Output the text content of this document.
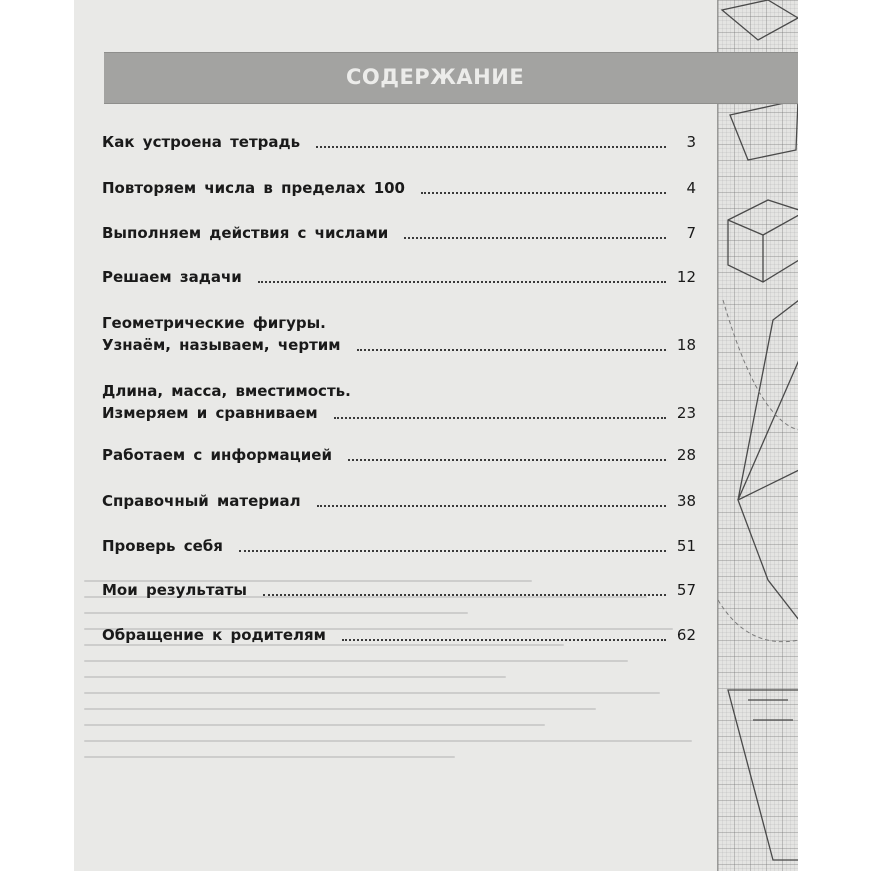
СОДЕРЖАНИЕ
Как устроена тетрадь	3
Повторяем числа в пределах 100	4
Выполняем действия с числами	7
Решаем задачи	12
Геометрические фигуры.
Узнаём, называем, чертим	18
Длина, масса, вместимость.
Измеряем и сравниваем	23
Работаем с информацией	28
Справочный материал	38
Проверь себя	51
Мои результаты	57
Обращение к родителям	62
